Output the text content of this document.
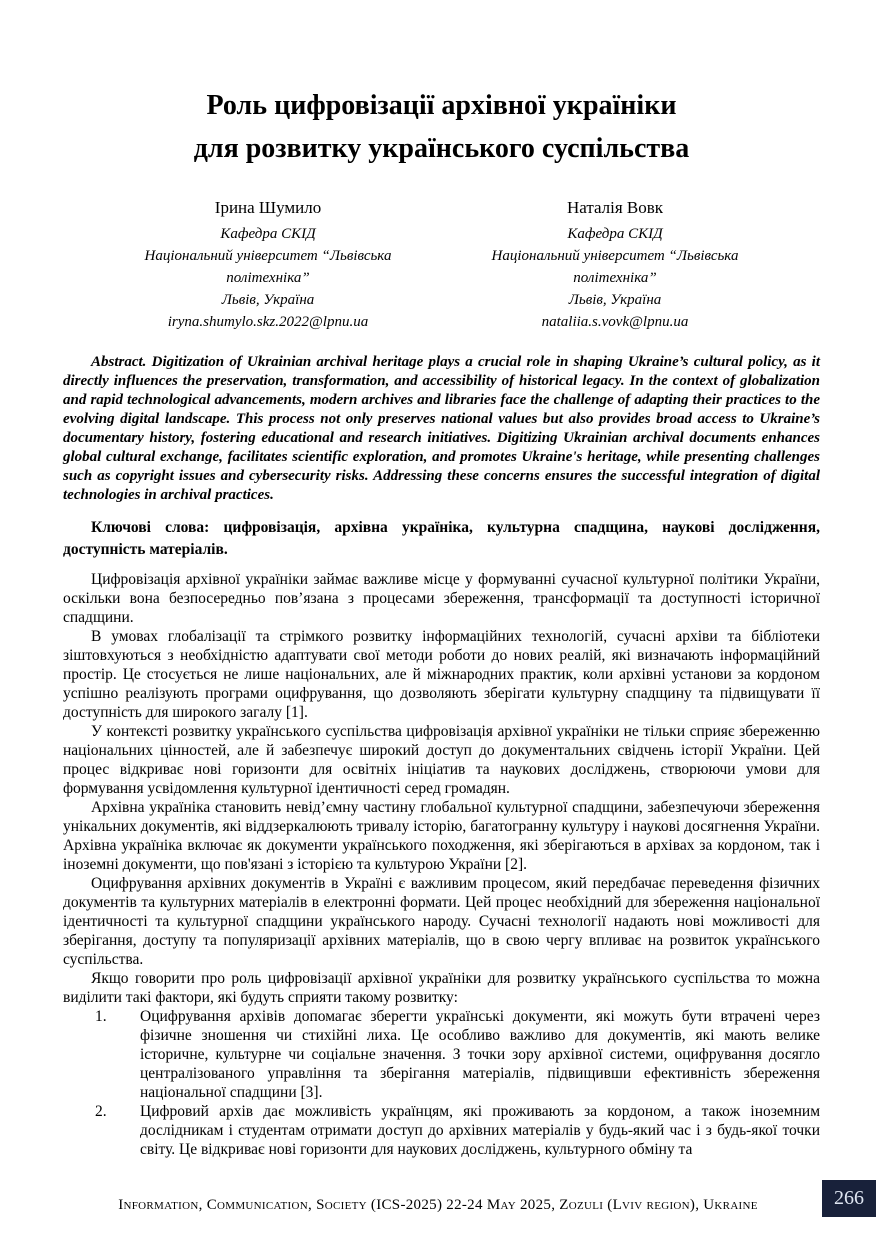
Роль цифровізації архівної україніки
для розвитку українського суспільства
Ірина Шумило
Кафедра СКІД
Національний університет “Львівська політехніка”
Львів, Україна
iryna.shumylo.skz.2022@lpnu.ua
Наталія Вовк
Кафедра СКІД
Національний університет “Львівська політехніка”
Львів, Україна
nataliia.s.vovk@lpnu.ua

Abstract. Digitization of Ukrainian archival heritage plays a crucial role in shaping Ukraine’s cultural policy, as it directly influences the preservation, transformation, and accessibility of historical legacy. In the context of globalization and rapid technological advancements, modern archives and libraries face the challenge of adapting their practices to the evolving digital landscape. This process not only preserves national values but also provides broad access to Ukraine’s documentary history, fostering educational and research initiatives. Digitizing Ukrainian archival documents enhances global cultural exchange, facilitates scientific exploration, and promotes Ukraine's heritage, while presenting challenges such as copyright issues and cybersecurity risks. Addressing these concerns ensures the successful integration of digital technologies in archival practices.

Ключові слова: цифровізація, архівна україніка, культурна спадщина, наукові дослідження, доступність матеріалів.

Цифровізація архівної україніки займає важливе місце у формуванні сучасної культурної політики України, оскільки вона безпосередньо пов’язана з процесами збереження, трансформації та доступності історичної спадщини.

В умовах глобалізації та стрімкого розвитку інформаційних технологій, сучасні архіви та бібліотеки зіштовхуються з необхідністю адаптувати свої методи роботи до нових реалій, які визначають інформаційний простір. Це стосується не лише національних, але й міжнародних практик, коли архівні установи за кордоном успішно реалізують програми оцифрування, що дозволяють зберігати культурну спадщину та підвищувати її доступність для широкого загалу [1].

У контексті розвитку українського суспільства цифровізація архівної україніки не тільки сприяє збереженню національних цінностей, але й забезпечує широкий доступ до документальних свідчень історії України. Цей процес відкриває нові горизонти для освітніх ініціатив та наукових досліджень, створюючи умови для формування усвідомлення культурної ідентичності серед громадян.

Архівна україніка становить невід’ємну частину глобальної культурної спадщини, забезпечуючи збереження унікальних документів, які віддзеркалюють тривалу історію, багатогранну культуру і наукові досягнення України. Архівна україніка включає як документи українського походження, які зберігаються в архівах за кордоном, так і іноземні документи, що пов'язані з історією та культурою України [2].

Оцифрування архівних документів в Україні є важливим процесом, який передбачає переведення фізичних документів та культурних матеріалів в електронні формати. Цей процес необхідний для збереження національної ідентичності та культурної спадщини українського народу. Сучасні технології надають нові можливості для зберігання, доступу та популяризації архівних матеріалів, що в свою чергу впливає на розвиток українського суспільства.

Якщо говорити про роль цифровізації архівної україніки для розвитку українського суспільства то можна виділити такі фактори, які будуть сприяти такому розвитку:

1.	Оцифрування архівів допомагає зберегти українські документи, які можуть бути втрачені через фізичне зношення чи стихійні лиха. Це особливо важливо для документів, які мають велике історичне, культурне чи соціальне значення. З точки зору архівної системи, оцифрування досягло централізованого управління та зберігання матеріалів, підвищивши ефективність збереження національної спадщини [3].
2.	Цифровий архів дає можливість українцям, які проживають за кордоном, а також іноземним дослідникам і студентам отримати доступ до архівних матеріалів у будь-який час і з будь-якої точки світу. Це відкриває нові горизонти для наукових досліджень, культурного обміну та
Information, Communication, Society (ICS-2025) 22-24 May 2025, Zozuli (Lviv region), Ukraine	266
